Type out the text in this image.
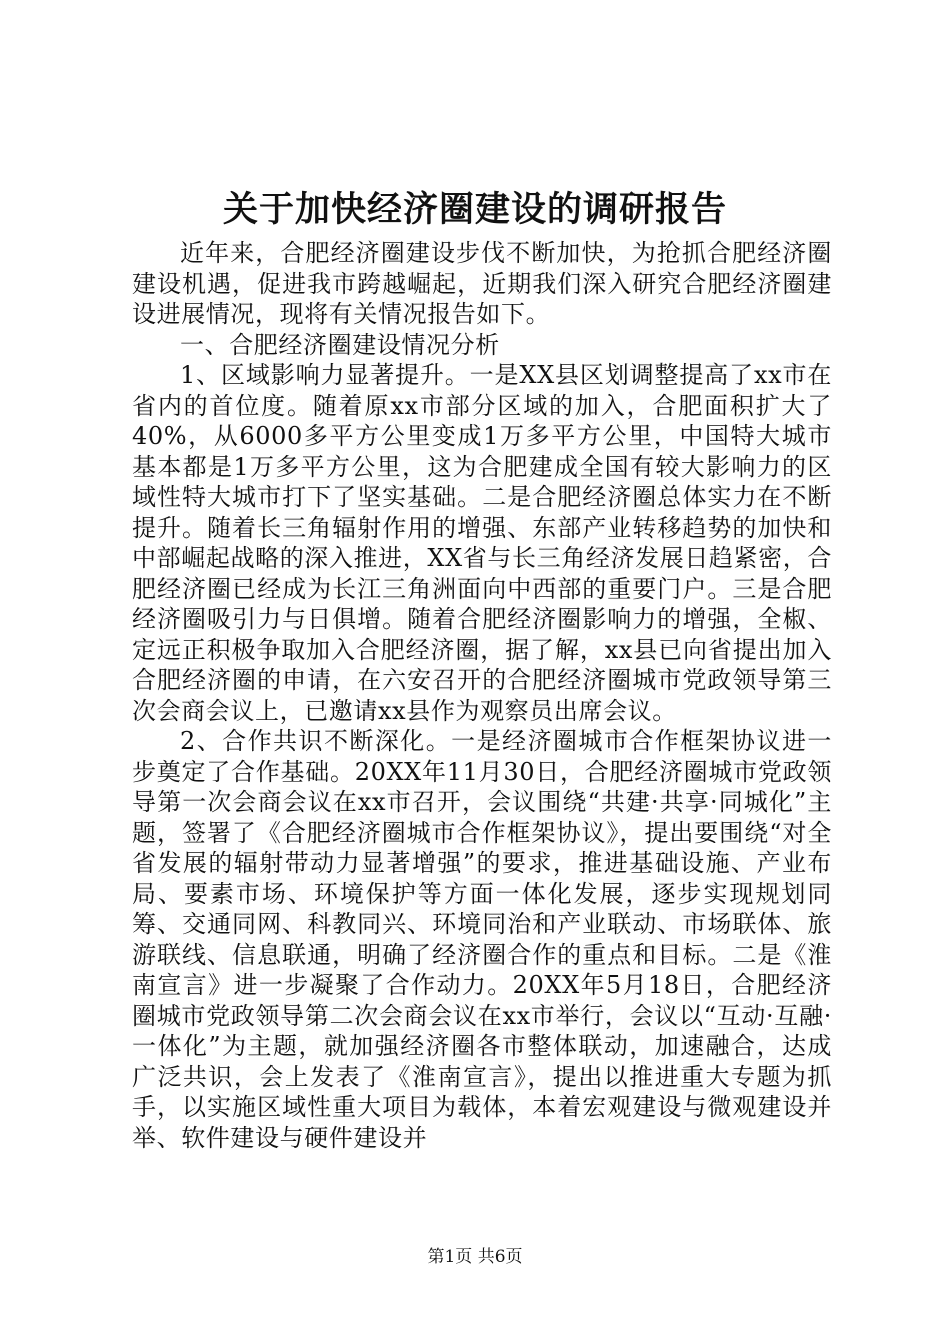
关于加快经济圈建设的调研报告

近年来，合肥经济圈建设步伐不断加快，为抢抓合肥经济圈建设机遇，促进我市跨越崛起，近期我们深入研究合肥经济圈建设进展情况，现将有关情况报告如下。

一、合肥经济圈建设情况分析

1、区域影响力显著提升。一是XX县区划调整提高了xx市在省内的首位度。随着原xx市部分区域的加入，合肥面积扩大了40%，从6000多平方公里变成1万多平方公里，中国特大城市基本都是1万多平方公里，这为合肥建成全国有较大影响力的区域性特大城市打下了坚实基础。二是合肥经济圈总体实力在不断提升。随着长三角辐射作用的增强、东部产业转移趋势的加快和中部崛起战略的深入推进，XX省与长三角经济发展日趋紧密，合肥经济圈已经成为长江三角洲面向中西部的重要门户。三是合肥经济圈吸引力与日俱增。随着合肥经济圈影响力的增强，全椒、定远正积极争取加入合肥经济圈，据了解，xx县已向省提出加入合肥经济圈的申请，在六安召开的合肥经济圈城市党政领导第三次会商会议上，已邀请xx县作为观察员出席会议。

2、合作共识不断深化。一是经济圈城市合作框架协议进一步奠定了合作基础。20XX年11月30日，合肥经济圈城市党政领导第一次会商会议在xx市召开，会议围绕“共建·共享·同城化”主题，签署了《合肥经济圈城市合作框架协议》，提出要围绕“对全省发展的辐射带动力显著增强”的要求，推进基础设施、产业布局、要素市场、环境保护等方面一体化发展，逐步实现规划同筹、交通同网、科教同兴、环境同治和产业联动、市场联体、旅游联线、信息联通，明确了经济圈合作的重点和目标。二是《淮南宣言》进一步凝聚了合作动力。20XX年5月18日，合肥经济圈城市党政领导第二次会商会议在xx市举行，会议以“互动·互融·一体化”为主题，就加强经济圈各市整体联动，加速融合，达成广泛共识，会上发表了《淮南宣言》，提出以推进重大专题为抓手，以实施区域性重大项目为载体，本着宏观建设与微观建设并举、软件建设与硬件建设并

第1页 共6页
